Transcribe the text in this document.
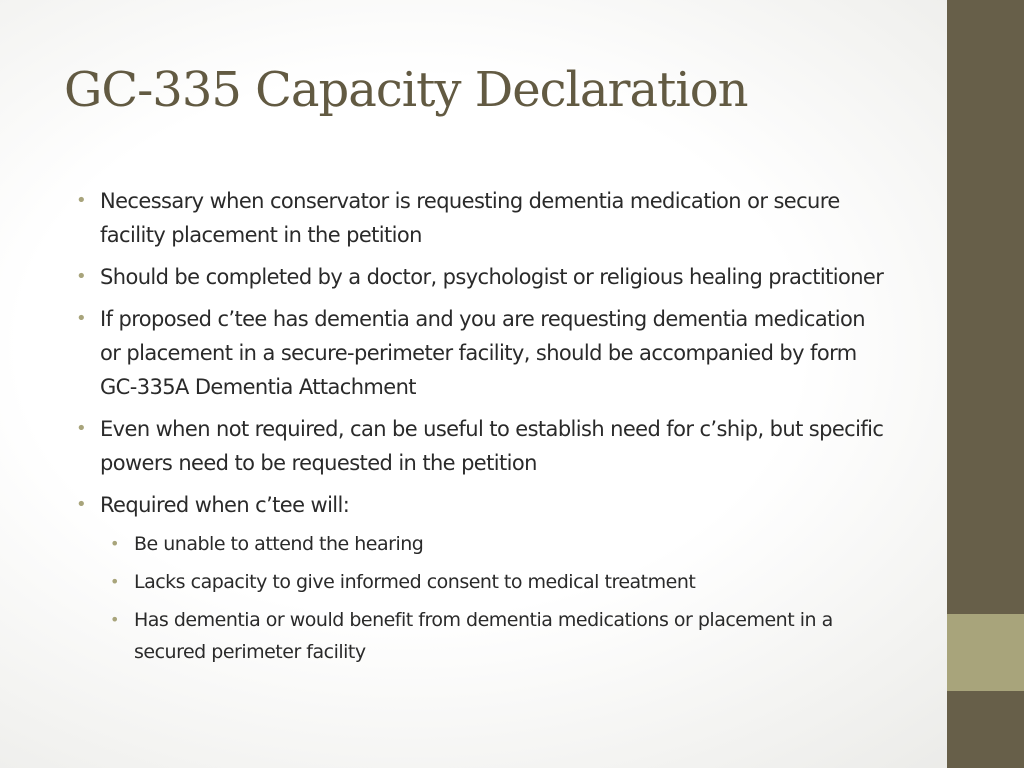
GC-335 Capacity Declaration
• Necessary when conservator is requesting dementia medication or secure facility placement in the petition
• Should be completed by a doctor, psychologist or religious healing practitioner
• If proposed c’tee has dementia and you are requesting dementia medication or placement in a secure-perimeter facility, should be accompanied by form GC-335A Dementia Attachment
• Even when not required, can be useful to establish need for c’ship, but specific powers need to be requested in the petition
• Required when c’tee will:
• Be unable to attend the hearing
• Lacks capacity to give informed consent to medical treatment
• Has dementia or would benefit from dementia medications or placement in a secured perimeter facility
